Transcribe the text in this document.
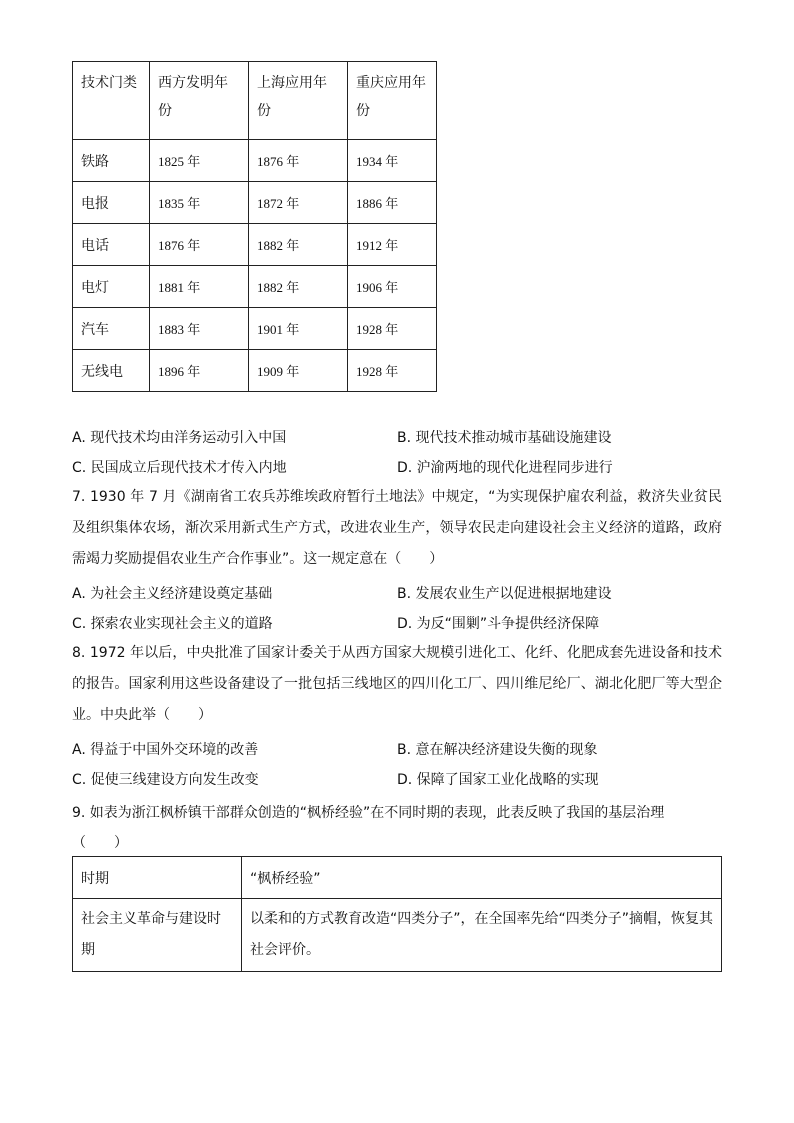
技术门类	西方发明年份	上海应用年份	重庆应用年份
铁路	1825 年	1876 年	1934 年
电报	1835 年	1872 年	1886 年
电话	1876 年	1882 年	1912 年
电灯	1881 年	1882 年	1906 年
汽车	1883 年	1901 年	1928 年
无线电	1896 年	1909 年	1928 年
A. 现代技术均由洋务运动引入中国	B. 现代技术推动城市基础设施建设
C. 民国成立后现代技术才传入内地	D. 沪渝两地的现代化进程同步进行
7. 1930 年 7 月《湖南省工农兵苏维埃政府暂行土地法》中规定，“为实现保护雇农利益，救济失业贫民及组织集体农场，渐次采用新式生产方式，改进农业生产，领导农民走向建设社会主义经济的道路，政府需竭力奖励提倡农业生产合作事业”。这一规定意在（　　）
A. 为社会主义经济建设奠定基础	B. 发展农业生产以促进根据地建设
C. 探索农业实现社会主义的道路	D. 为反“围剿”斗争提供经济保障
8. 1972 年以后，中央批准了国家计委关于从西方国家大规模引进化工、化纤、化肥成套先进设备和技术的报告。国家利用这些设备建设了一批包括三线地区的四川化工厂、四川维尼纶厂、湖北化肥厂等大型企业。中央此举（　　）
A. 得益于中国外交环境的改善	B. 意在解决经济建设失衡的现象
C. 促使三线建设方向发生改变	D. 保障了国家工业化战略的实现
9. 如表为浙江枫桥镇干部群众创造的“枫桥经验”在不同时期的表现，此表反映了我国的基层治理
（　　）
时期	“枫桥经验”
社会主义革命与建设时期	以柔和的方式教育改造“四类分子”，在全国率先给“四类分子”摘帽，恢复其社会评价。
